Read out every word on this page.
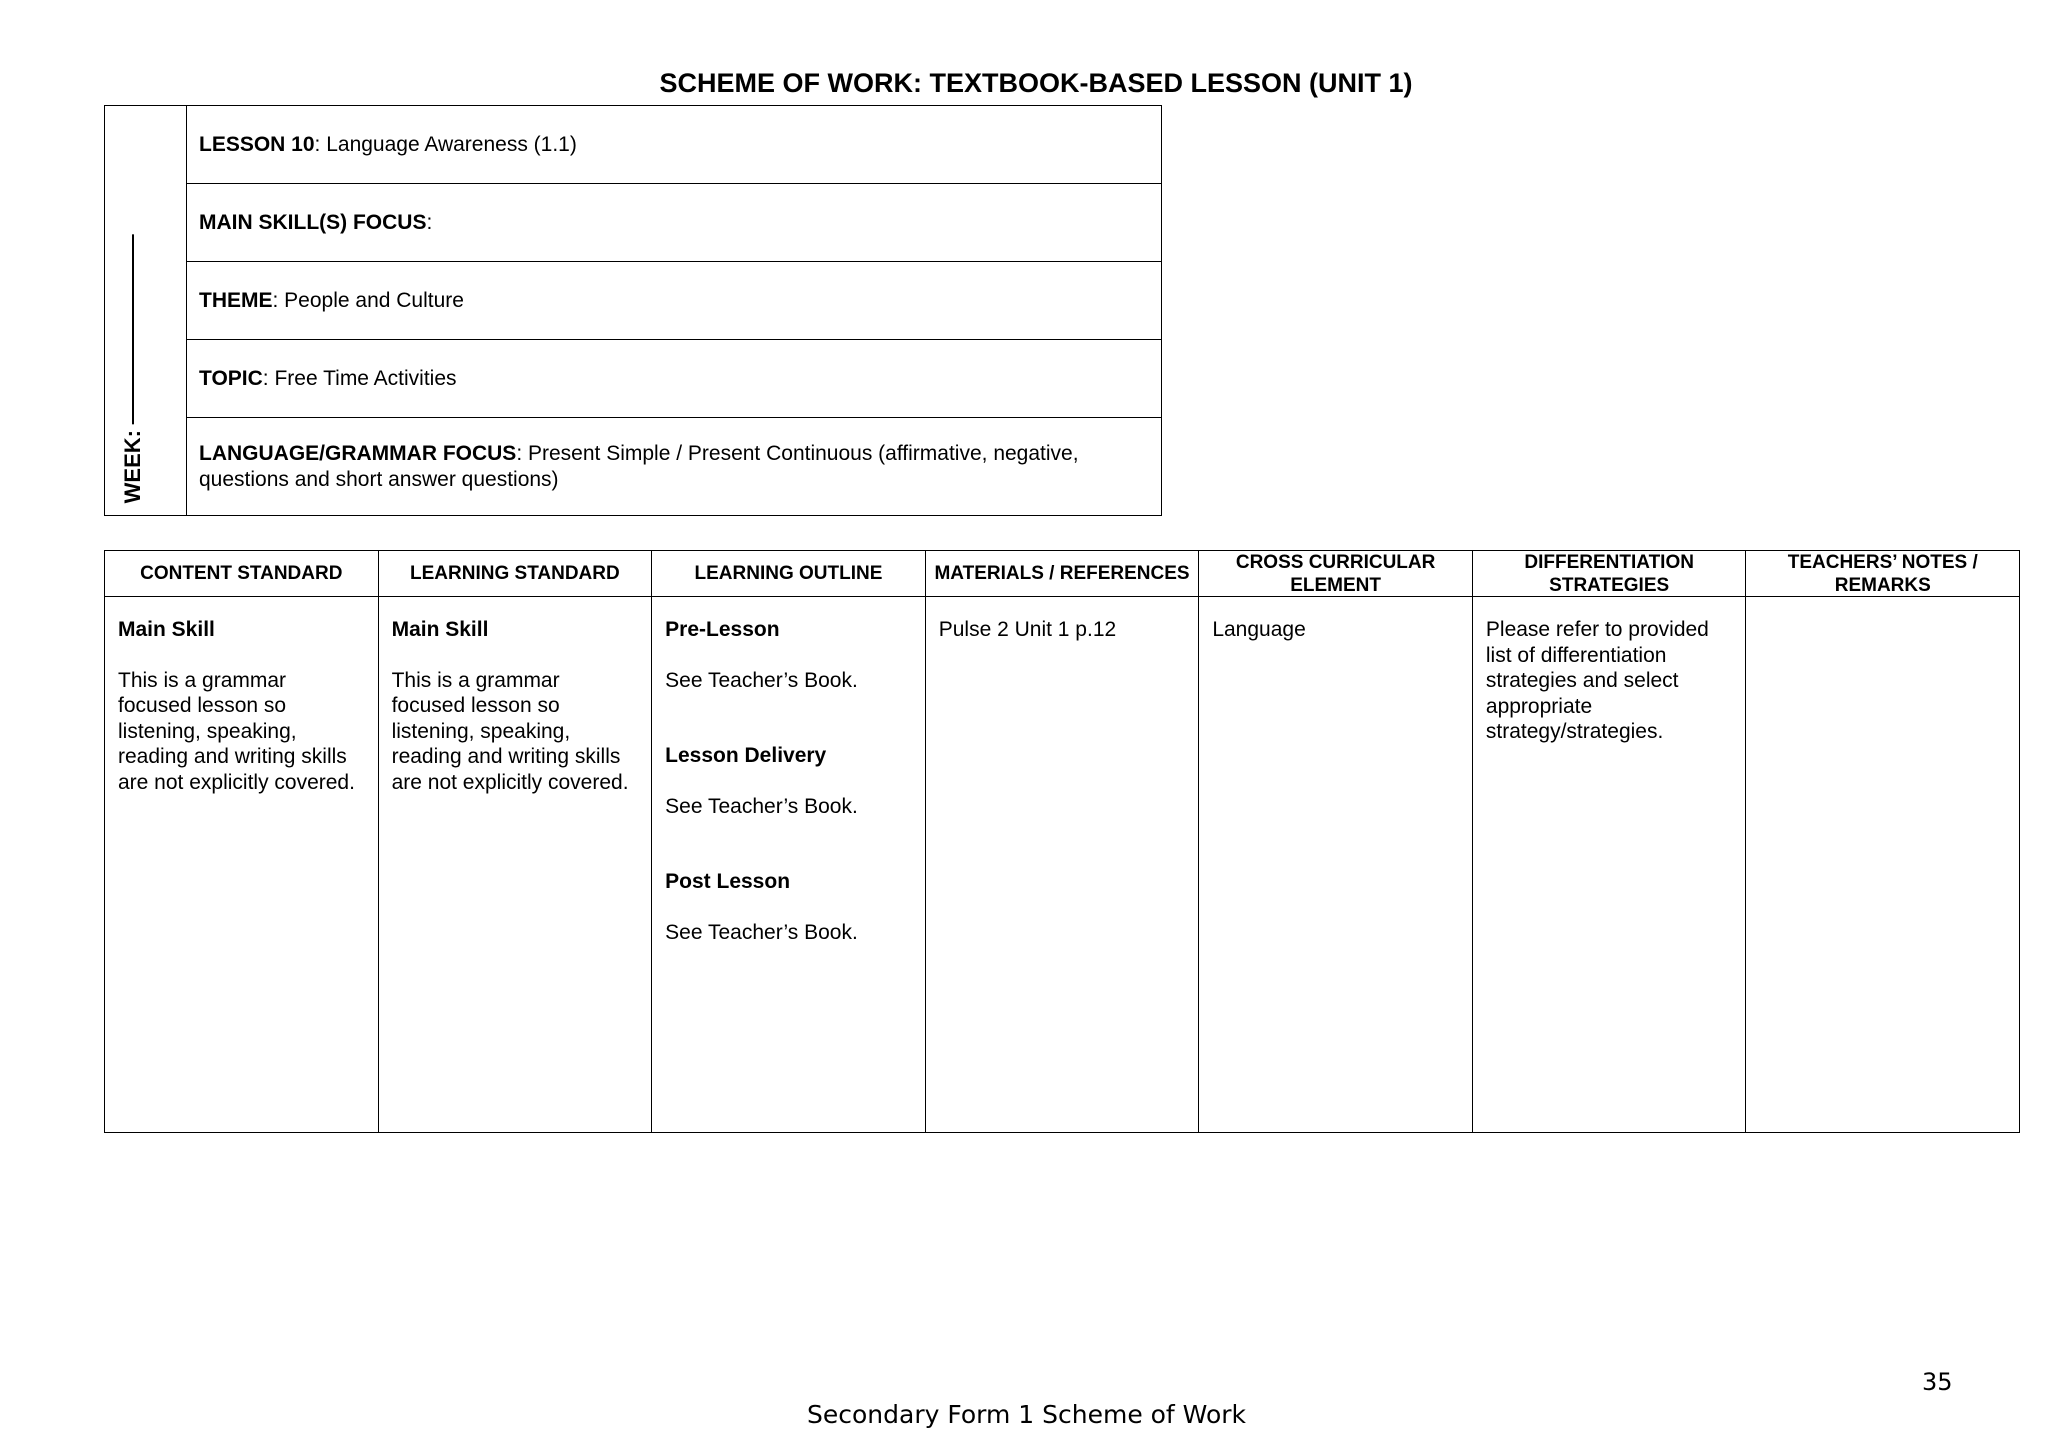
SCHEME OF WORK: TEXTBOOK-BASED LESSON (UNIT 1)
WEEK:
LESSON 10: Language Awareness (1.1)
MAIN SKILL(S) FOCUS:
THEME: People and Culture
TOPIC: Free Time Activities
LANGUAGE/GRAMMAR FOCUS: Present Simple / Present Continuous (affirmative, negative, questions and short answer questions)
CONTENT STANDARD

Main Skill

This is a grammar focused lesson so listening, speaking, reading and writing skills are not explicitly covered.

LEARNING STANDARD

Main Skill

This is a grammar focused lesson so listening, speaking, reading and writing skills are not explicitly covered.

LEARNING OUTLINE

Pre-Lesson

See Teacher’s Book.

Lesson Delivery

See Teacher’s Book.

Post Lesson

See Teacher’s Book.

MATERIALS / REFERENCES

Pulse 2 Unit 1 p.12

CROSS CURRICULAR ELEMENT

Language

DIFFERENTIATION STRATEGIES

Please refer to provided list of differentiation strategies and select appropriate strategy/strategies.

TEACHERS’ NOTES / REMARKS

35
Secondary Form 1 Scheme of Work
